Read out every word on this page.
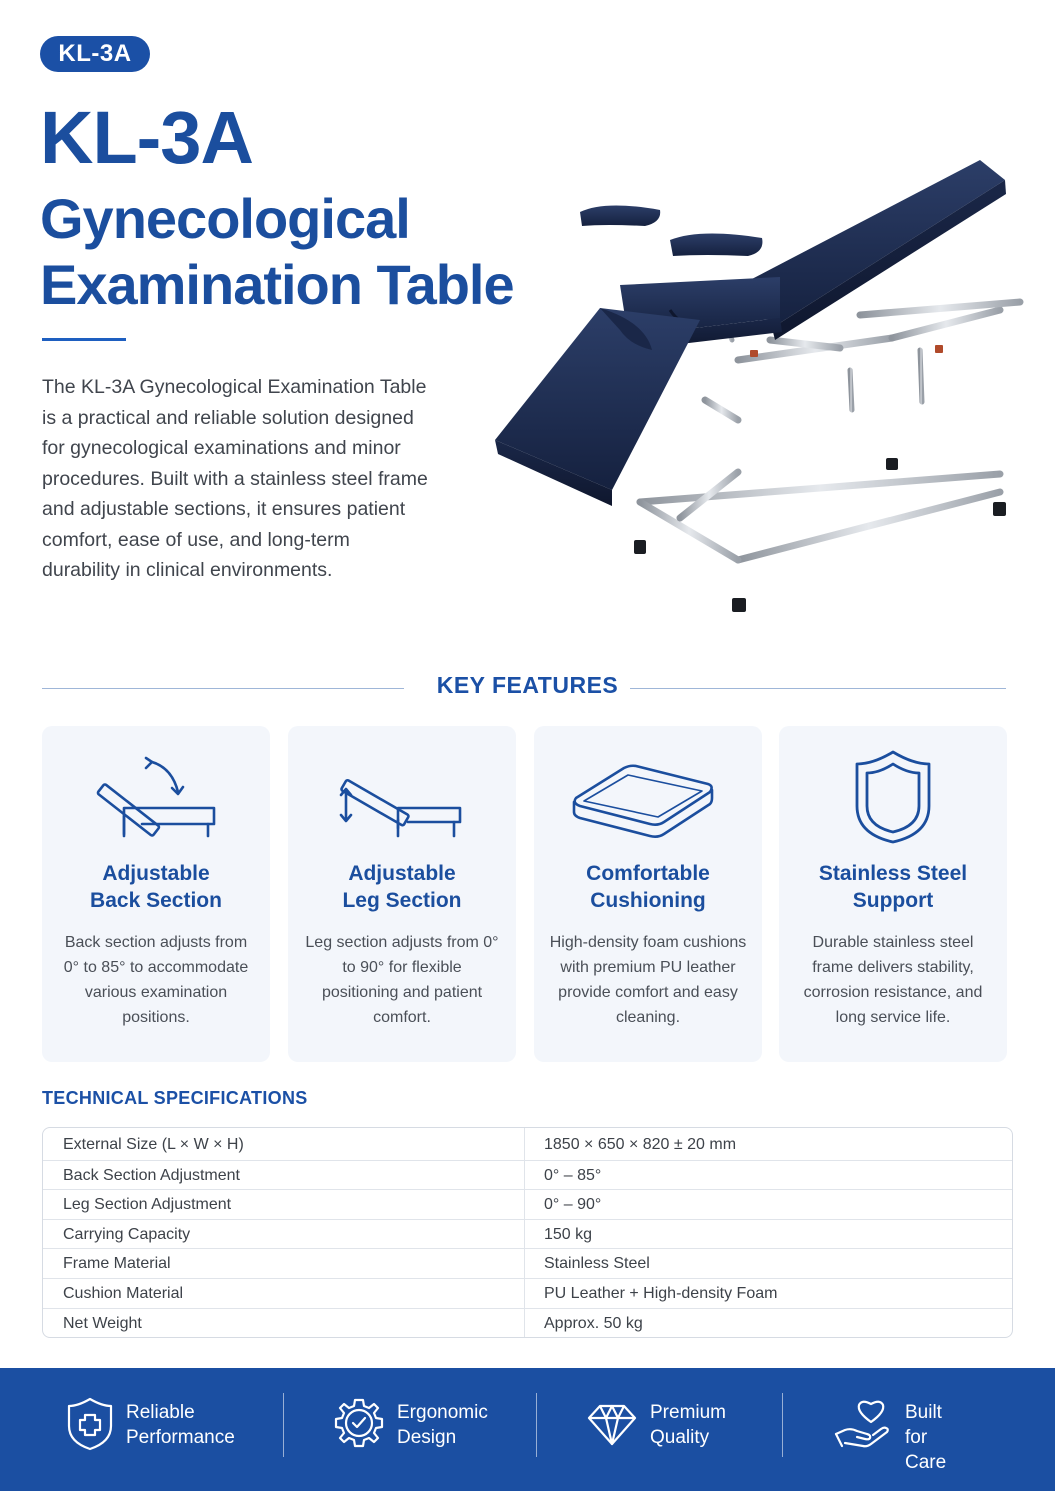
KL-3A
KL-3A
Gynecological
Examination Table

The KL-3A Gynecological Examination Table is a practical and reliable solution designed for gynecological examinations and minor procedures. Built with a stainless steel frame and adjustable sections, it ensures patient comfort, ease of use, and long-term durability in clinical environments.

KEY FEATURES
Adjustable
Back Section
Back section adjusts from 0° to 85° to accommodate various examination positions.
Adjustable
Leg Section
Leg section adjusts from 0° to 90° for flexible positioning and patient comfort.
Comfortable
Cushioning
High-density foam cushions with premium PU leather provide comfort and easy cleaning.
Stainless Steel
Support
Durable stainless steel frame delivers stability, corrosion resistance, and long service life.
TECHNICAL SPECIFICATIONS
External Size (L × W × H)	1850 × 650 × 820 ± 20 mm
Back Section Adjustment	0° – 85°
Leg Section Adjustment	0° – 90°
Carrying Capacity	150 kg
Frame Material	Stainless Steel
Cushion Material	PU Leather + High-density Foam
Net Weight	Approx. 50 kg
Reliable
Performance
Ergonomic
Design
Premium
Quality
Built for
Care
